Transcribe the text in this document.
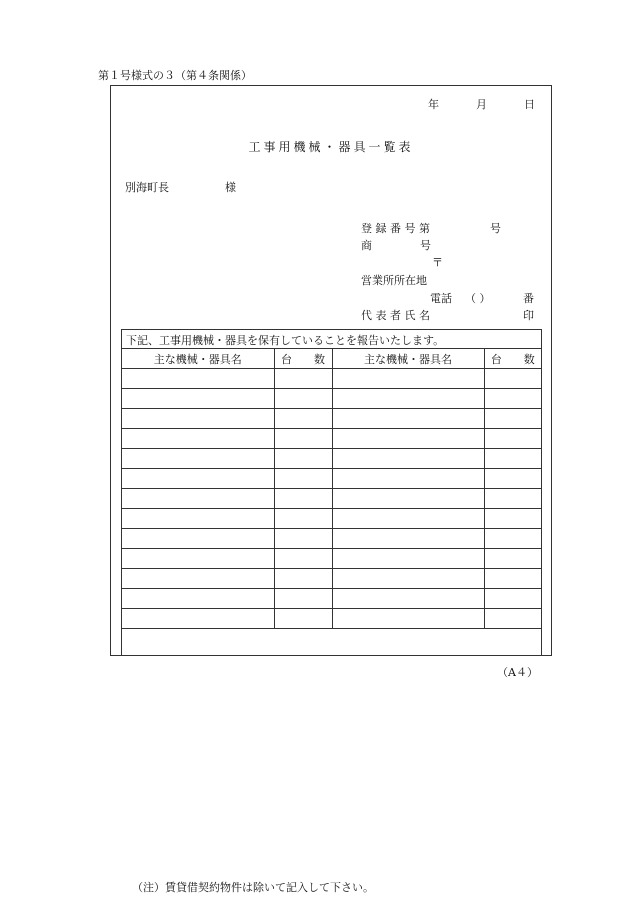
第１号様式の３（第４条関係）
年	月	日
工事用機械・器具一覧表
別海町長	様
登 録 番 号 第	号
商	号
〒
営業所所在地
電話 （ ）	番
代 表 者 氏 名	印
下記、工事用機械・器具を保有していることを報告いたします。
主な機械・器具名	台　　数	主な機械・器具名	台　　数

（注）賃貸借契約物件は除いて記入して下さい。
（A４）
